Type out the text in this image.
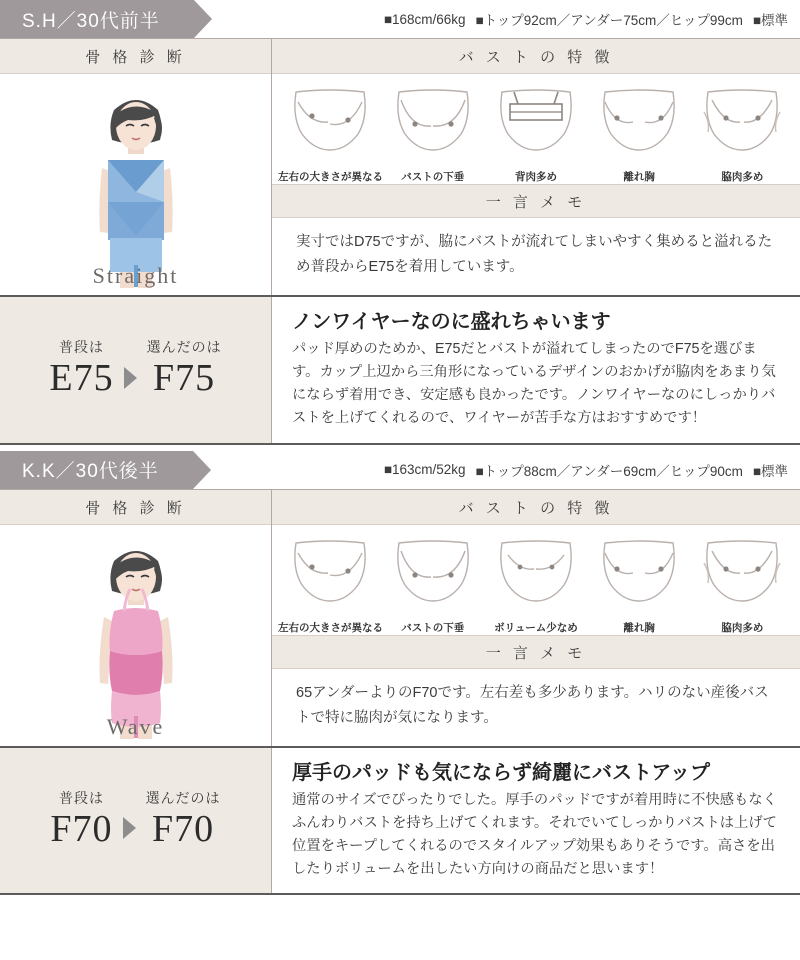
S.H／30代前半	■168cm/66kg ■トップ92cm／アンダー75cm／ヒップ99cm ■標準
骨 格 診 断
Straight
バ ス ト の 特 徴
左右の大きさが異なる	バストの下垂	背肉多め	離れ胸	脇肉多め
一 言 メ モ
実寸ではD75ですが、脇にバストが流れてしまいやすく集めると溢れるため普段からE75を着用しています。
普段は
E75
選んだのは
F75
ノンワイヤーなのに盛れちゃいます
パッド厚めのためか、E75だとバストが溢れてしまったのでF75を選びます。カップ上辺から三角形になっているデザインのおかげが脇肉をあまり気にならず着用でき、安定感も良かったです。ノンワイヤーなのにしっかりバストを上げてくれるので、ワイヤーが苦手な方はおすすめです！
K.K／30代後半	■163cm/52kg ■トップ88cm／アンダー69cm／ヒップ90cm ■標準
骨 格 診 断
Wave
バ ス ト の 特 徴
左右の大きさが異なる	バストの下垂	ボリューム少なめ	離れ胸	脇肉多め
一 言 メ モ
65アンダーよりのF70です。左右差も多少あります。ハリのない産後バストで特に脇肉が気になります。
普段は
F70
選んだのは
F70
厚手のパッドも気にならず綺麗にバストアップ
通常のサイズでぴったりでした。厚手のパッドですが着用時に不快感もなくふんわりバストを持ち上げてくれます。それでいてしっかりバストは上げて位置をキープしてくれるのでスタイルアップ効果もありそうです。高さを出したりボリュームを出したい方向けの商品だと思います！
